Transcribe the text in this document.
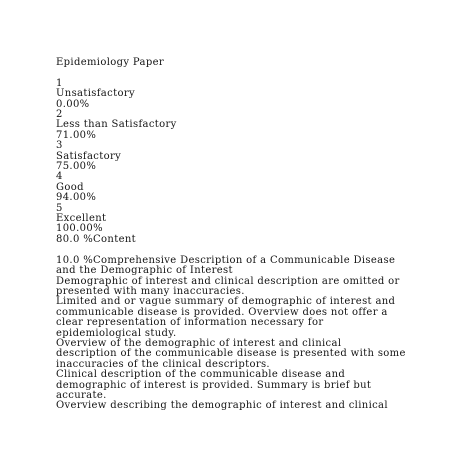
Epidemiology Paper
1
Unsatisfactory
0.00%
2
Less than Satisfactory
71.00%
3
Satisfactory
75.00%
4
Good
94.00%
5
Excellent
100.00%
80.0 %Content
10.0 %Comprehensive Description of a Communicable Disease
and the Demographic of Interest
Demographic of interest and clinical description are omitted or
presented with many inaccuracies.
Limited and or vague summary of demographic of interest and
communicable disease is provided. Overview does not offer a
clear representation of information necessary for
epidemiological study.
Overview of the demographic of interest and clinical
description of the communicable disease is presented with some
inaccuracies of the clinical descriptors.
Clinical description of the communicable disease and
demographic of interest is provided. Summary is brief but
accurate.
Overview describing the demographic of interest and clinical
